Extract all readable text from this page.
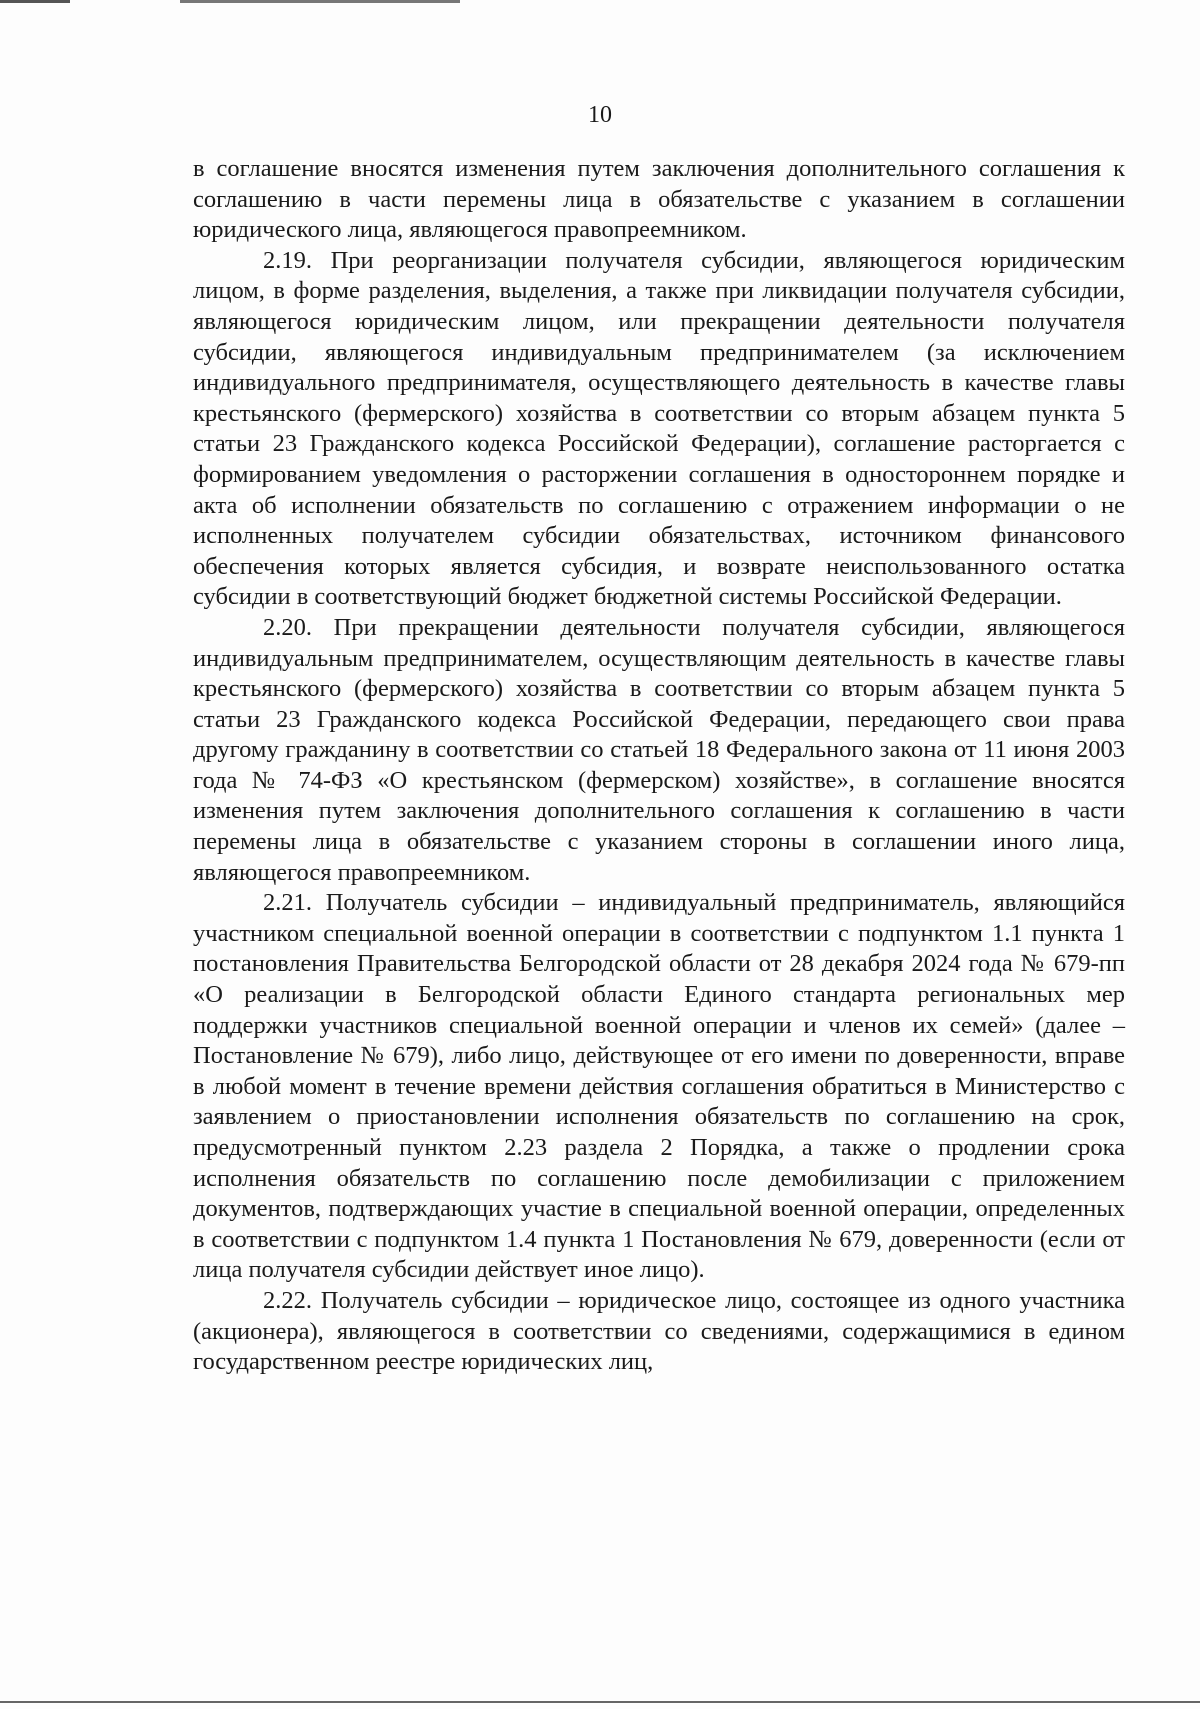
10

в соглашение вносятся изменения путем заключения дополнительного соглашения к соглашению в части перемены лица в обязательстве с указанием в соглашении юридического лица, являющегося правопреемником.

2.19. При реорганизации получателя субсидии, являющегося юридическим лицом, в форме разделения, выделения, а также при ликвидации получателя субсидии, являющегося юридическим лицом, или прекращении деятельности получателя субсидии, являющегося индивидуальным предпринимателем (за исключением индивидуального предпринимателя, осуществляющего деятельность в качестве главы крестьянского (фермерского) хозяйства в соответствии со вторым абзацем пункта 5 статьи 23 Гражданского кодекса Российской Федерации), соглашение расторгается с формированием уведомления о расторжении соглашения в одностороннем порядке и акта об исполнении обязательств по соглашению с отражением информации о не исполненных получателем субсидии обязательствах, источником финансового обеспечения которых является субсидия, и возврате неиспользованного остатка субсидии в соответствующий бюджет бюджетной системы Российской Федерации.

2.20. При прекращении деятельности получателя субсидии, являющегося индивидуальным предпринимателем, осуществляющим деятельность в качестве главы крестьянского (фермерского) хозяйства в соответствии со вторым абзацем пункта 5 статьи 23 Гражданского кодекса Российской Федерации, передающего свои права другому гражданину в соответствии со статьей 18 Федерального закона от 11 июня 2003 года № 74-ФЗ «О крестьянском (фермерском) хозяйстве», в соглашение вносятся изменения путем заключения дополнительного соглашения к соглашению в части перемены лица в обязательстве с указанием стороны в соглашении иного лица, являющегося правопреемником.

2.21. Получатель субсидии – индивидуальный предприниматель, являющийся участником специальной военной операции в соответствии с подпунктом 1.1 пункта 1 постановления Правительства Белгородской области от 28 декабря 2024 года № 679-пп «О реализации в Белгородской области Единого стандарта региональных мер поддержки участников специальной военной операции и членов их семей» (далее – Постановление № 679), либо лицо, действующее от его имени по доверенности, вправе в любой момент в течение времени действия соглашения обратиться в Министерство с заявлением о приостановлении исполнения обязательств по соглашению на срок, предусмотренный пунктом 2.23 раздела 2 Порядка, а также о продлении срока исполнения обязательств по соглашению после демобилизации с приложением документов, подтверждающих участие в специальной военной операции, определенных в соответствии с подпунктом 1.4 пункта 1 Постановления № 679, доверенности (если от лица получателя субсидии действует иное лицо).

2.22. Получатель субсидии – юридическое лицо, состоящее из одного участника (акционера), являющегося в соответствии со сведениями, содержащимися в едином государственном реестре юридических лиц,
